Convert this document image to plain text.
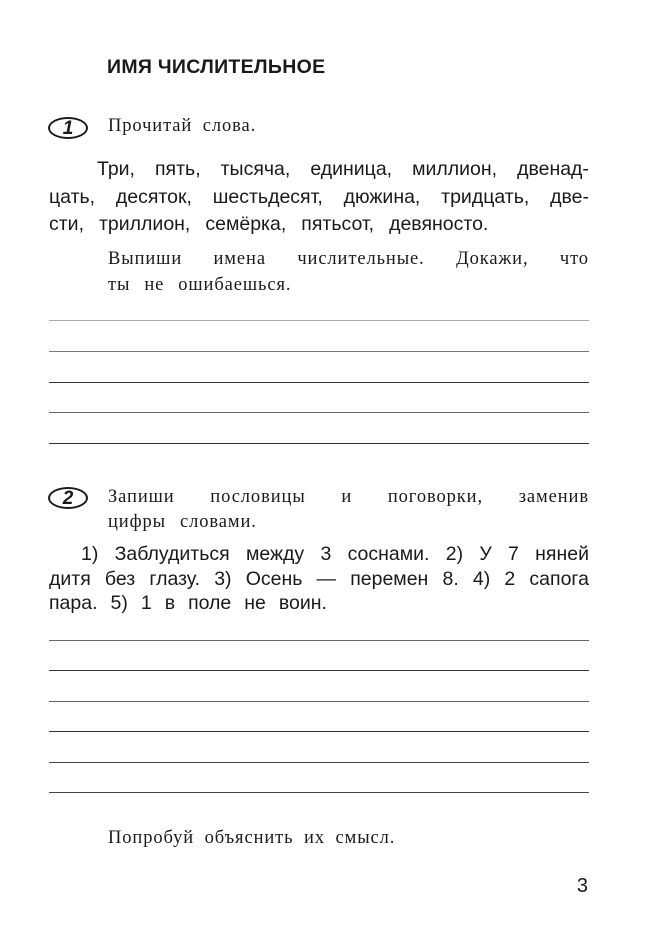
ИМЯ ЧИСЛИТЕЛЬНОЕ
1 Прочитай слова.
Три, пять, тысяча, единица, миллион, двенад-
цать, десяток, шестьдесят, дюжина, тридцать, две-
сти, триллион, семёрка, пятьсот, девяносто.
Выпиши имена числительные. Докажи, что
ты не ошибаешься.
2 Запиши пословицы и поговорки, заменив
цифры словами.
1) Заблудиться между 3 соснами. 2) У 7 няней
дитя без глазу. 3) Осень — перемен 8. 4) 2 сапога
пара. 5) 1 в поле не воин.
Попробуй объяснить их смысл.
3
